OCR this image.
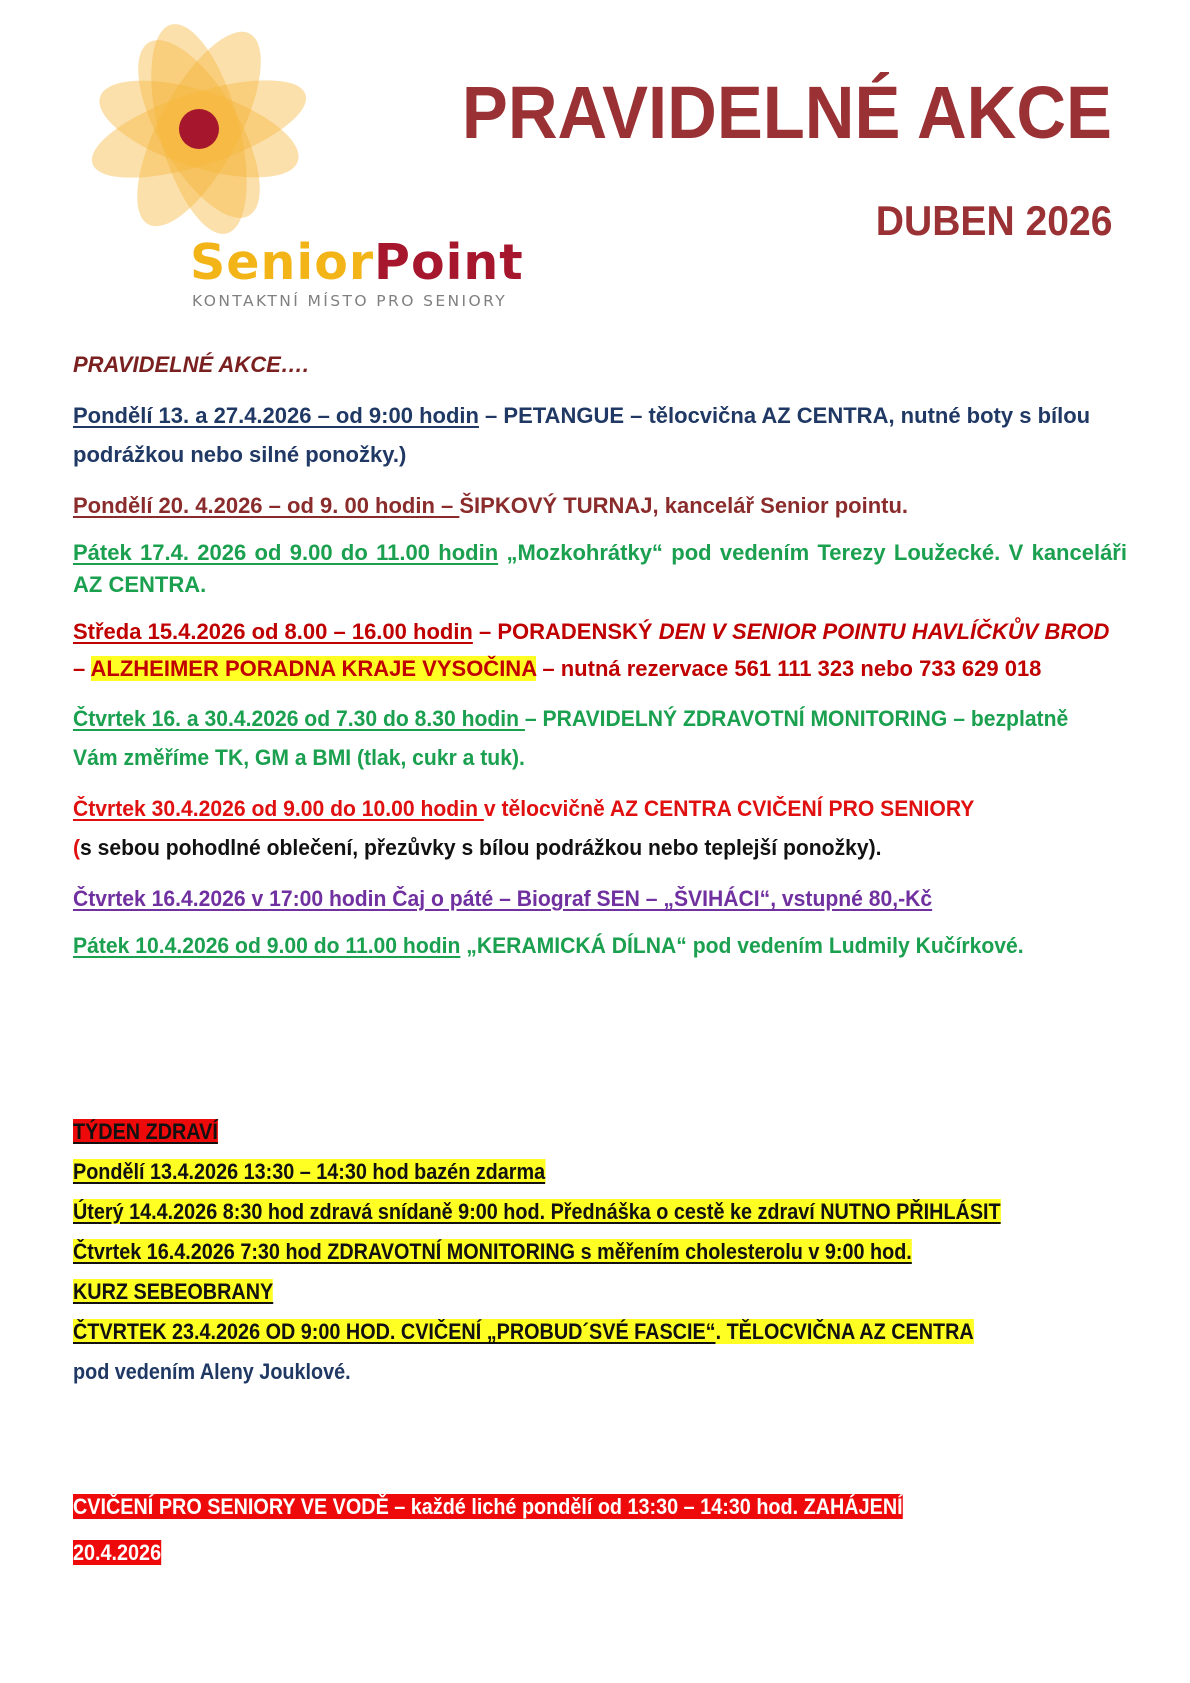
SeniorPoint
KONTAKTNÍ MÍSTO PRO SENIORY
PRAVIDELNÉ AKCE
DUBEN 2026

PRAVIDELNÉ AKCE….

Pondělí 13. a 27.4.2026 – od 9:00 hodin – PETANGUE – tělocvična AZ CENTRA, nutné boty s bílou podrážkou nebo silné ponožky.)

Pondělí 20. 4.2026 – od 9. 00 hodin – ŠIPKOVÝ TURNAJ, kancelář Senior pointu.

Pátek 17.4. 2026 od 9.00 do 11.00 hodin „Mozkohrátky“ pod vedením Terezy Loužecké. V kanceláři AZ CENTRA.

Středa 15.4.2026 od 8.00 – 16.00 hodin – PORADENSKÝ DEN V SENIOR POINTU HAVLÍČKŮV BROD – ALZHEIMER PORADNA KRAJE VYSOČINA – nutná rezervace 561 111 323 nebo 733 629 018

Čtvrtek 16. a 30.4.2026 od 7.30 do 8.30 hodin – PRAVIDELNÝ ZDRAVOTNÍ MONITORING – bezplatně Vám změříme TK, GM a BMI (tlak, cukr a tuk).

Čtvrtek 30.4.2026 od 9.00 do 10.00 hodin v tělocvičně AZ CENTRA CVIČENÍ PRO SENIORY
(s sebou pohodlné oblečení, přezůvky s bílou podrážkou nebo teplejší ponožky).

Čtvrtek 16.4.2026 v 17:00 hodin Čaj o páté – Biograf SEN – „ŠVIHÁCI“, vstupné 80,-Kč

Pátek 10.4.2026 od 9.00 do 11.00 hodin „KERAMICKÁ DÍLNA“ pod vedením Ludmily Kučírkové.

TÝDEN ZDRAVÍ

Pondělí 13.4.2026 13:30 – 14:30 hod bazén zdarma

Úterý 14.4.2026 8:30 hod zdravá snídaně 9:00 hod. Přednáška o cestě ke zdraví NUTNO PŘIHLÁSIT

Čtvrtek 16.4.2026 7:30 hod ZDRAVOTNÍ MONITORING s měřením cholesterolu v 9:00 hod.

KURZ SEBEOBRANY

ČTVRTEK 23.4.2026 OD 9:00 HOD. CVIČENÍ „PROBUD´SVÉ FASCIE“. TĚLOCVIČNA AZ CENTRA

pod vedením Aleny Jouklové.

CVIČENÍ PRO SENIORY VE VODĚ – každé liché pondělí od 13:30 – 14:30 hod. ZAHÁJENÍ

20.4.2026
